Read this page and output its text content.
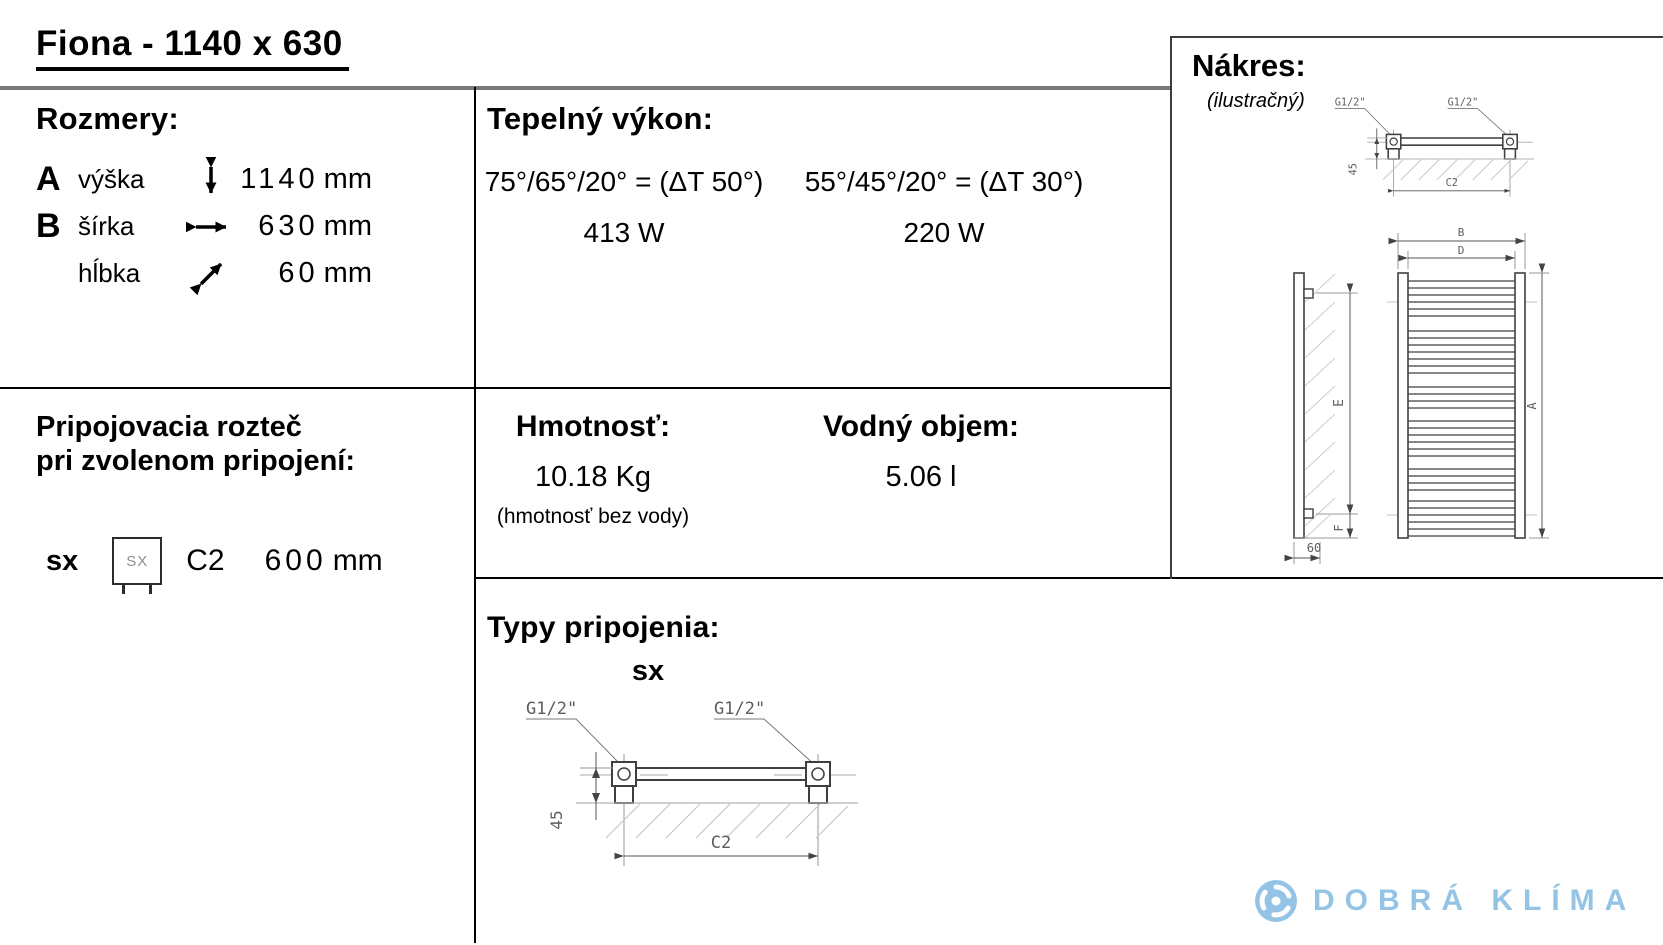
Fiona - 1140 x 630
Rozmery:
A výška	1140 mm
B šírka	630 mm
hĺbka	60 mm
Tepelný výkon:

75°/65°/20° = (ΔT 50°)

413 W

55°/45°/20° = (ΔT 30°)

220 W

Pripojovacia rozteč
pri zvolenom pripojení:
sx	SX C2 600 mm
Hmotnosť:

10.18 Kg

(hmotnosť bez vody)

Vodný objem:

5.06 l

Typy pripojenia:
sx
G1/2"	G1/2"
45
C2
Nákres:
(ilustračný) G1/2"	G1/2"
45
C2
E
F
60
B
D
A
DOBRÁ KLÍMA
